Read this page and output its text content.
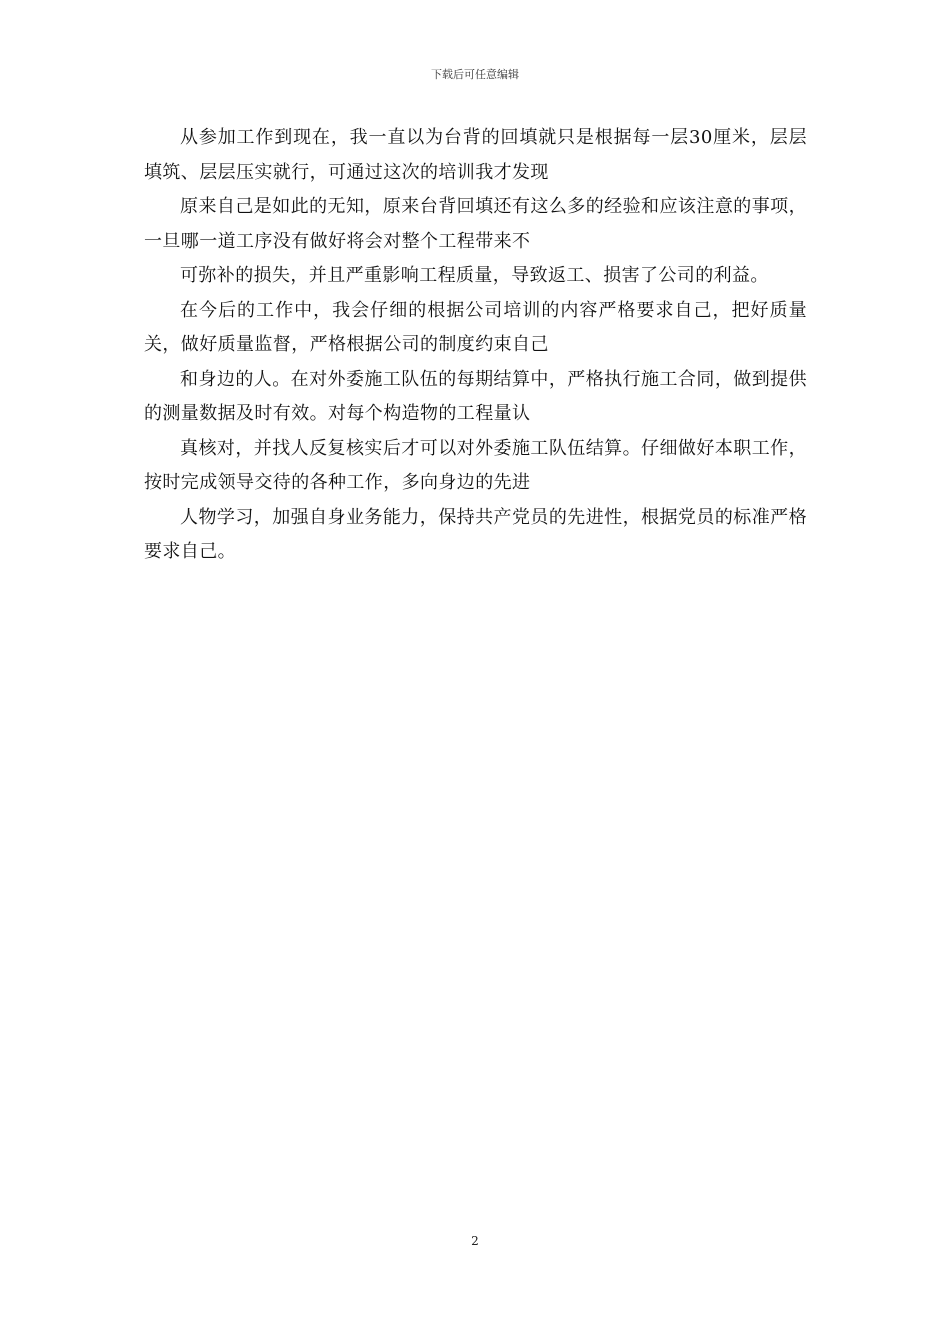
下载后可任意编辑

从参加工作到现在，我一直以为台背的回填就只是根据每一层30厘米，层层填筑、层层压实就行，可通过这次的培训我才发现

原来自己是如此的无知，原来台背回填还有这么多的经验和应该注意的事项，一旦哪一道工序没有做好将会对整个工程带来不

可弥补的损失，并且严重影响工程质量，导致返工、损害了公司的利益。

在今后的工作中，我会仔细的根据公司培训的内容严格要求自己，把好质量关，做好质量监督，严格根据公司的制度约束自己

和身边的人。在对外委施工队伍的每期结算中，严格执行施工合同，做到提供的测量数据及时有效。对每个构造物的工程量认

真核对，并找人反复核实后才可以对外委施工队伍结算。仔细做好本职工作，按时完成领导交待的各种工作，多向身边的先进

人物学习，加强自身业务能力，保持共产党员的先进性，根据党员的标准严格要求自己。

2
